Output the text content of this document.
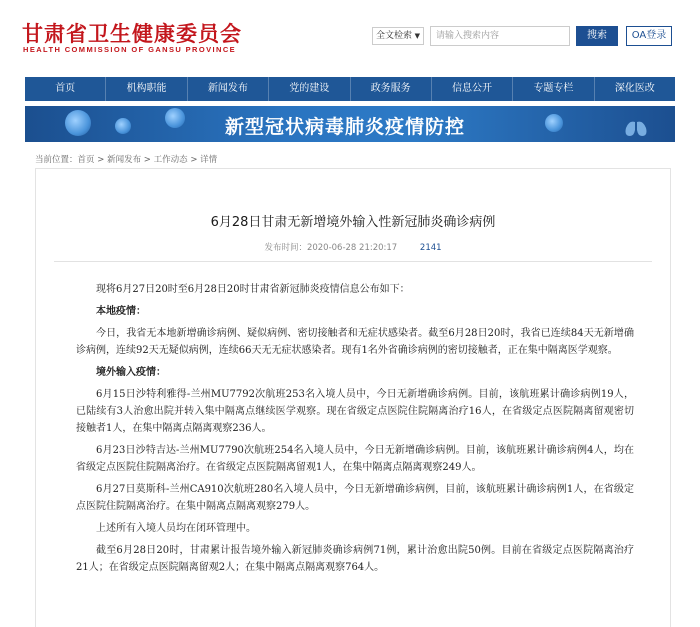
甘肃省卫生健康委员会
HEALTH COMMISSION OF GANSU PROVINCE
全文检索 ▼	请输入搜索内容	搜索	OA登录
首页	机构职能	新闻发布	党的建设	政务服务	信息公开	专题专栏	深化医改
新型冠状病毒肺炎疫情防控
当前位置：首页 > 新闻发布 > 工作动态 > 详情
6月28日甘肃无新增境外输入性新冠肺炎确诊病例
发布时间：2020-06-28 21:20:17	2141

现将6月27日20时至6月28日20时甘肃省新冠肺炎疫情信息公布如下：

本地疫情：

今日，我省无本地新增确诊病例、疑似病例、密切接触者和无症状感染者。截至6月28日20时，我省已连续84天无新增确诊病例，连续92天无疑似病例，连续66天无无症状感染者。现有1名外省确诊病例的密切接触者，正在集中隔离医学观察。

境外输入疫情：

6月15日沙特利雅得-兰州MU7792次航班253名入境人员中，今日无新增确诊病例。目前，该航班累计确诊病例19人，已陆续有3人治愈出院并转入集中隔离点继续医学观察。现在省级定点医院住院隔离治疗16人，在省级定点医院隔离留观密切接触者1人，在集中隔离点隔离观察236人。

6月23日沙特吉达-兰州MU7790次航班254名入境人员中，今日无新增确诊病例。目前，该航班累计确诊病例4人，均在省级定点医院住院隔离治疗。在省级定点医院隔离留观1人，在集中隔离点隔离观察249人。

6月27日莫斯科-兰州CA910次航班280名入境人员中，今日无新增确诊病例，目前，该航班累计确诊病例1人，在省级定点医院住院隔离治疗。在集中隔离点隔离观察279人。

上述所有入境人员均在闭环管理中。

截至6月28日20时，甘肃累计报告境外输入新冠肺炎确诊病例71例，累计治愈出院50例。目前在省级定点医院隔离治疗21人；在省级定点医院隔离留观2人；在集中隔离点隔离观察764人。
